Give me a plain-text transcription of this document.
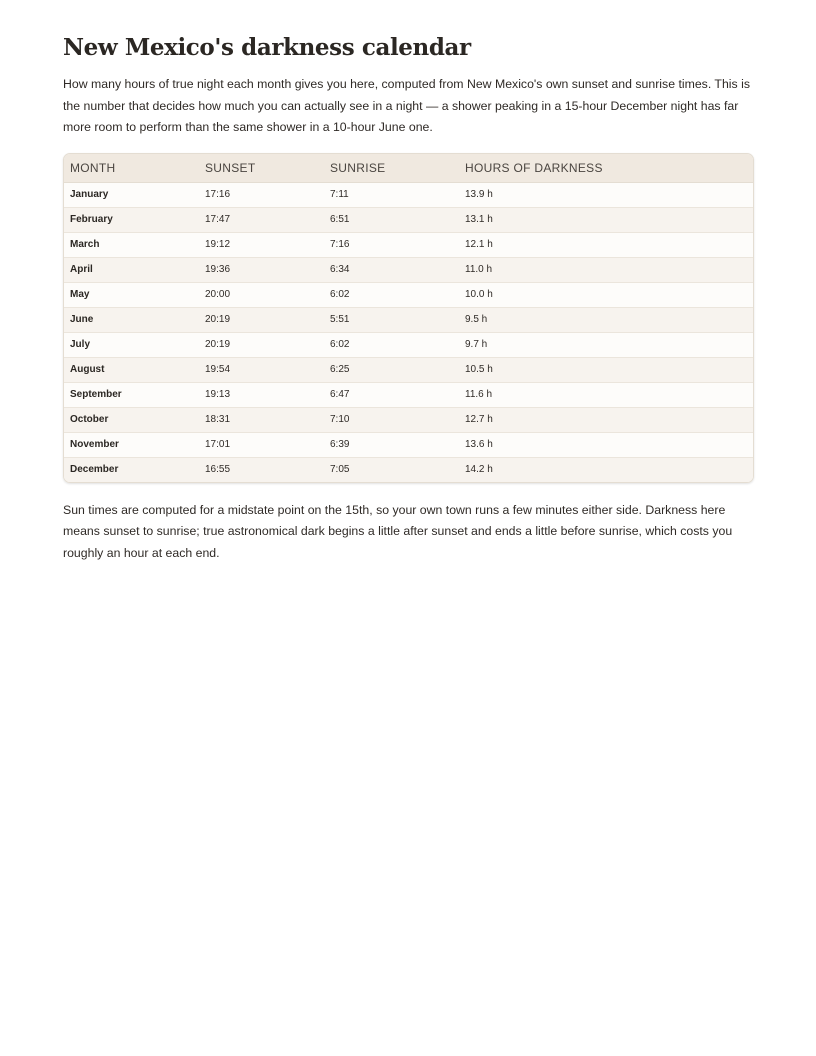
New Mexico's darkness calendar

How many hours of true night each month gives you here, computed from New Mexico's own sunset and sunrise times. This is the number that decides how much you can actually see in a night — a shower peaking in a 15-hour December night has far more room to perform than the same shower in a 10-hour June one.

MONTH	SUNSET	SUNRISE	HOURS OF DARKNESS
January	17:16	7:11	13.9 h
February	17:47	6:51	13.1 h
March	19:12	7:16	12.1 h
April	19:36	6:34	11.0 h
May	20:00	6:02	10.0 h
June	20:19	5:51	9.5 h
July	20:19	6:02	9.7 h
August	19:54	6:25	10.5 h
September	19:13	6:47	11.6 h
October	18:31	7:10	12.7 h
November	17:01	6:39	13.6 h
December	16:55	7:05	14.2 h

Sun times are computed for a midstate point on the 15th, so your own town runs a few minutes either side. Darkness here means sunset to sunrise; true astronomical dark begins a little after sunset and ends a little before sunrise, which costs you roughly an hour at each end.
